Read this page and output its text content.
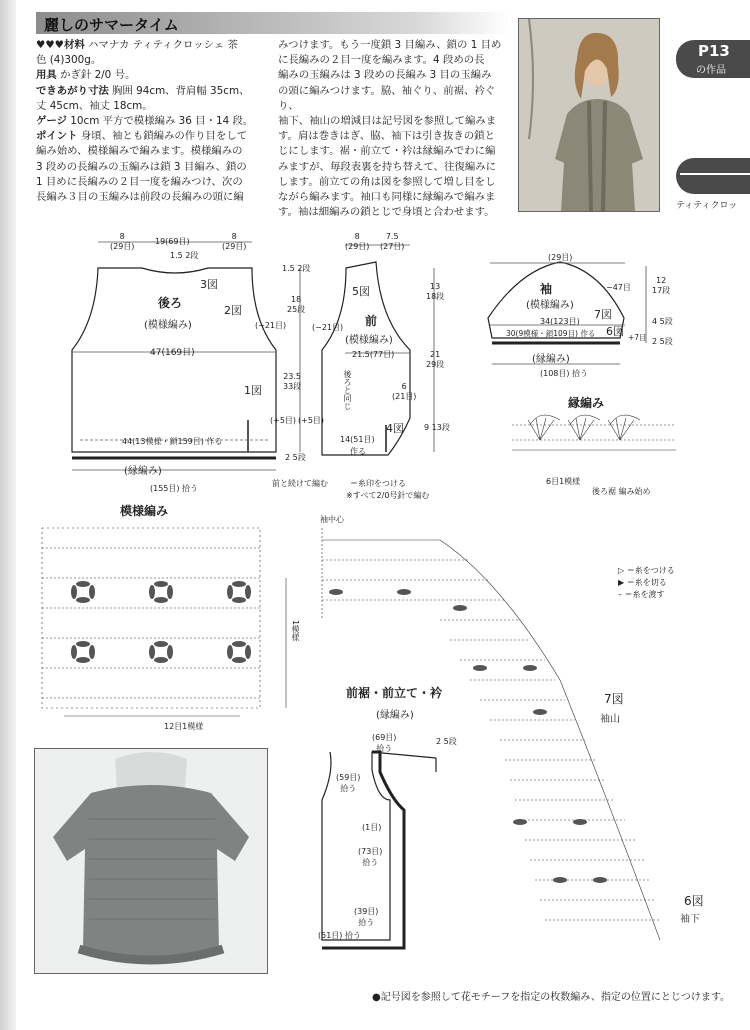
麗しのサマータイム
♥♥♥材料 ハマナカ ティティクロッシェ 茶
色 (4)300g。
用具 かぎ針 2/0 号。
できあがり寸法 胸囲 94cm、背肩幅 35cm、
丈 45cm、袖丈 18cm。
ゲージ 10cm 平方で模様編み 36 目・14 段。
ポイント 身頃、袖とも鎖編みの作り目をして
編み始め、模様編みで編みます。模様編みの
3 段めの長編みの玉編みは鎖 3 目編み、鎖の
1 目めに長編みの２目一度を編みつけ、次の
長編み３目の玉編みは前段の長編みの頭に編
みつけます。もう一度鎖 3 目編み、鎖の 1 目め
に長編みの２目一度を編みます。4 段めの長
編みの玉編みは 3 段めの長編み 3 目の玉編み
の頭に編みつけます。脇、袖ぐり、前裾、衿ぐり、
袖下、袖山の増減目は記号図を参照して編みま
す。肩は巻きはぎ、脇、袖下は引き抜きの鎖と
じにします。裾・前立て・衿は縁編みでわに編
みますが、毎段表裏を持ち替えて、往復編みに
します。前立ての角は図を参照して増し目をし
ながら編みます。袖口も同様に縁編みで編みま
す。袖は細編みの鎖とじで身頃と合わせます。
P13
の作品
ティティクロッ
8
(29目)
19(69目)
8
(29目)
1.5 2段
3図
2図
後ろ
(模様編み)	(−21目)
47(169目)
1図
44(13模様・鎖159目) 作る
(縁編み)
(155目) 拾う
1.5 2段
18
25段
23.5
33段
2 5段
(+5目) (+5目)
8
(29目)
7.5
(27目)
5図
(−21目) 前
(模様編み)
21.5(77目)
後ろと同じ
4図
14(51目)
作る
6
(21目)
前と続けて編む	＝糸印をつける
※すべて2/0号針で編む
13
18段
21
29段
9 13段
(29目)
袖
(模様編み)
−47目
7図
6図
34(123目)
30(9模様・鎖109目) 作る	+7目
(縁編み)
(108目) 拾う
12
17段
4 5段
2 5段
縁編み
6目1模様
後ろ裾 編み始め
模様編み
1模様
12目1模様
袖中心
7図
袖山
6図
袖下
▷ ＝糸をつける
▶ ＝糸を切る
– ＝糸を渡す
前裾・前立て・衿
(縁編み)
(69目)
拾う
2 5段
(59目)
拾う
(1目)
(73目)
拾う
(39目)
拾う
(51目) 拾う
●記号図を参照して花モチーフを指定の枚数編み、指定の位置にとじつけます。
